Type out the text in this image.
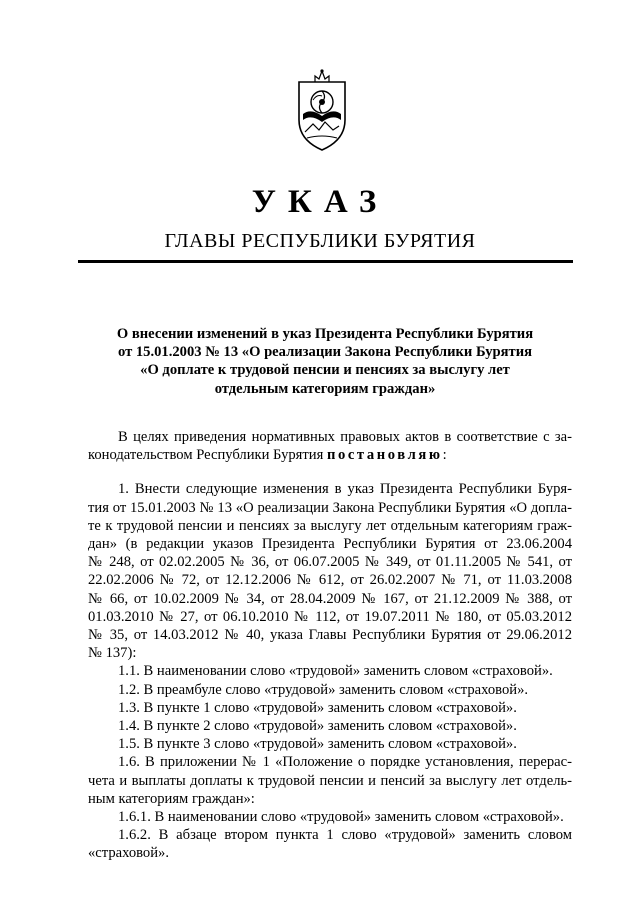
УКАЗ
ГЛАВЫ РЕСПУБЛИКИ БУРЯТИЯ
О внесении изменений в указ Президента Республики Бурятия
от 15.01.2003 № 13 «О реализации Закона Республики Бурятия
«О доплате к трудовой пенсии и пенсиях за выслугу лет
отдельным категориям граждан»
В целях приведения нормативных правовых актов в соответствие с за-
конодательством Республики Бурятия постановляю:
1. Внести следующие изменения в указ Президента Республики Буря-
тия от 15.01.2003 № 13 «О реализации Закона Республики Бурятия «О допла-
те к трудовой пенсии и пенсиях за выслугу лет отдельным категориям граж-
дан» (в редакции указов Президента Республики Бурятия от 23.06.2004
№ 248, от 02.02.2005 № 36, от 06.07.2005 № 349, от 01.11.2005 № 541, от
22.02.2006 № 72, от 12.12.2006 № 612, от 26.02.2007 № 71, от 11.03.2008
№ 66, от 10.02.2009 № 34, от 28.04.2009 № 167, от 21.12.2009 № 388, от
01.03.2010 № 27, от 06.10.2010 № 112, от 19.07.2011 № 180, от 05.03.2012
№ 35, от 14.03.2012 № 40, указа Главы Республики Бурятия от 29.06.2012
№ 137):
1.1. В наименовании слово «трудовой» заменить словом «страховой».
1.2. В преамбуле слово «трудовой» заменить словом «страховой».
1.3. В пункте 1 слово «трудовой» заменить словом «страховой».
1.4. В пункте 2 слово «трудовой» заменить словом «страховой».
1.5. В пункте 3 слово «трудовой» заменить словом «страховой».
1.6. В приложении № 1 «Положение о порядке установления, перерас-
чета и выплаты доплаты к трудовой пенсии и пенсий за выслугу лет отдель-
ным категориям граждан»:
1.6.1. В наименовании слово «трудовой» заменить словом «страховой».
1.6.2. В абзаце втором пункта 1 слово «трудовой» заменить словом
«страховой».
